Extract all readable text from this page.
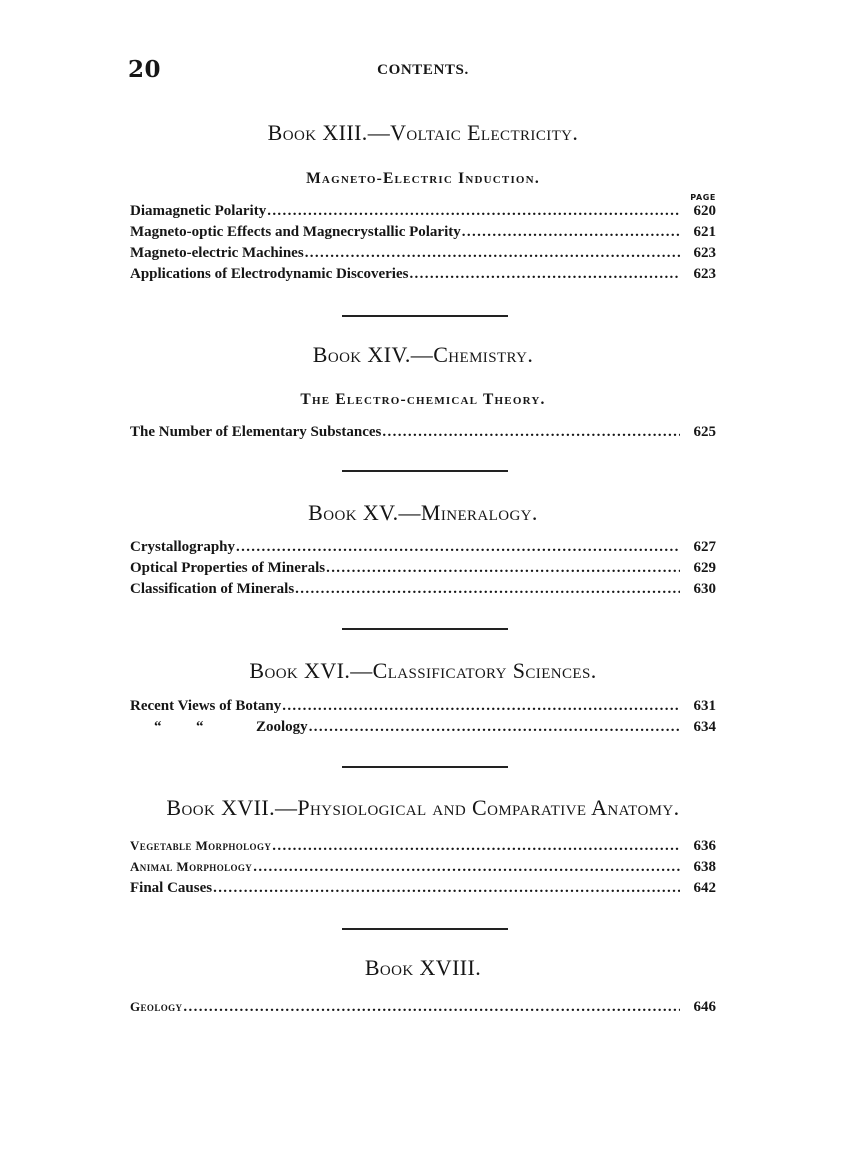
20	CONTENTS.
Book XIII.—Voltaic Electricity.
Magneto-Electric Induction.
PAGE
Diamagnetic Polarity . . .	620
Magneto-optic Effects and Magnecrystallic Polarity . . .	621
Magneto-electric Machines . . .	623
Applications of Electrodynamic Discoveries . . .	623
Book XIV.—Chemistry.
The Electro-chemical Theory.
The Number of Elementary Substances . . .	625
Book XV.—Mineralogy.
Crystallography . . .	627
Optical Properties of Minerals . . .	629
Classification of Minerals . . .	630
Book XVI.—Classificatory Sciences.
Recent Views of Botany . . .	631
“ “	Zoology . . .	634
Book XVII.—Physiological and Comparative Anatomy.
Vegetable Morphology . . .	636
Animal Morphology . . .	638
Final Causes . . .	642
Book XVIII.
Geology . . .	646
